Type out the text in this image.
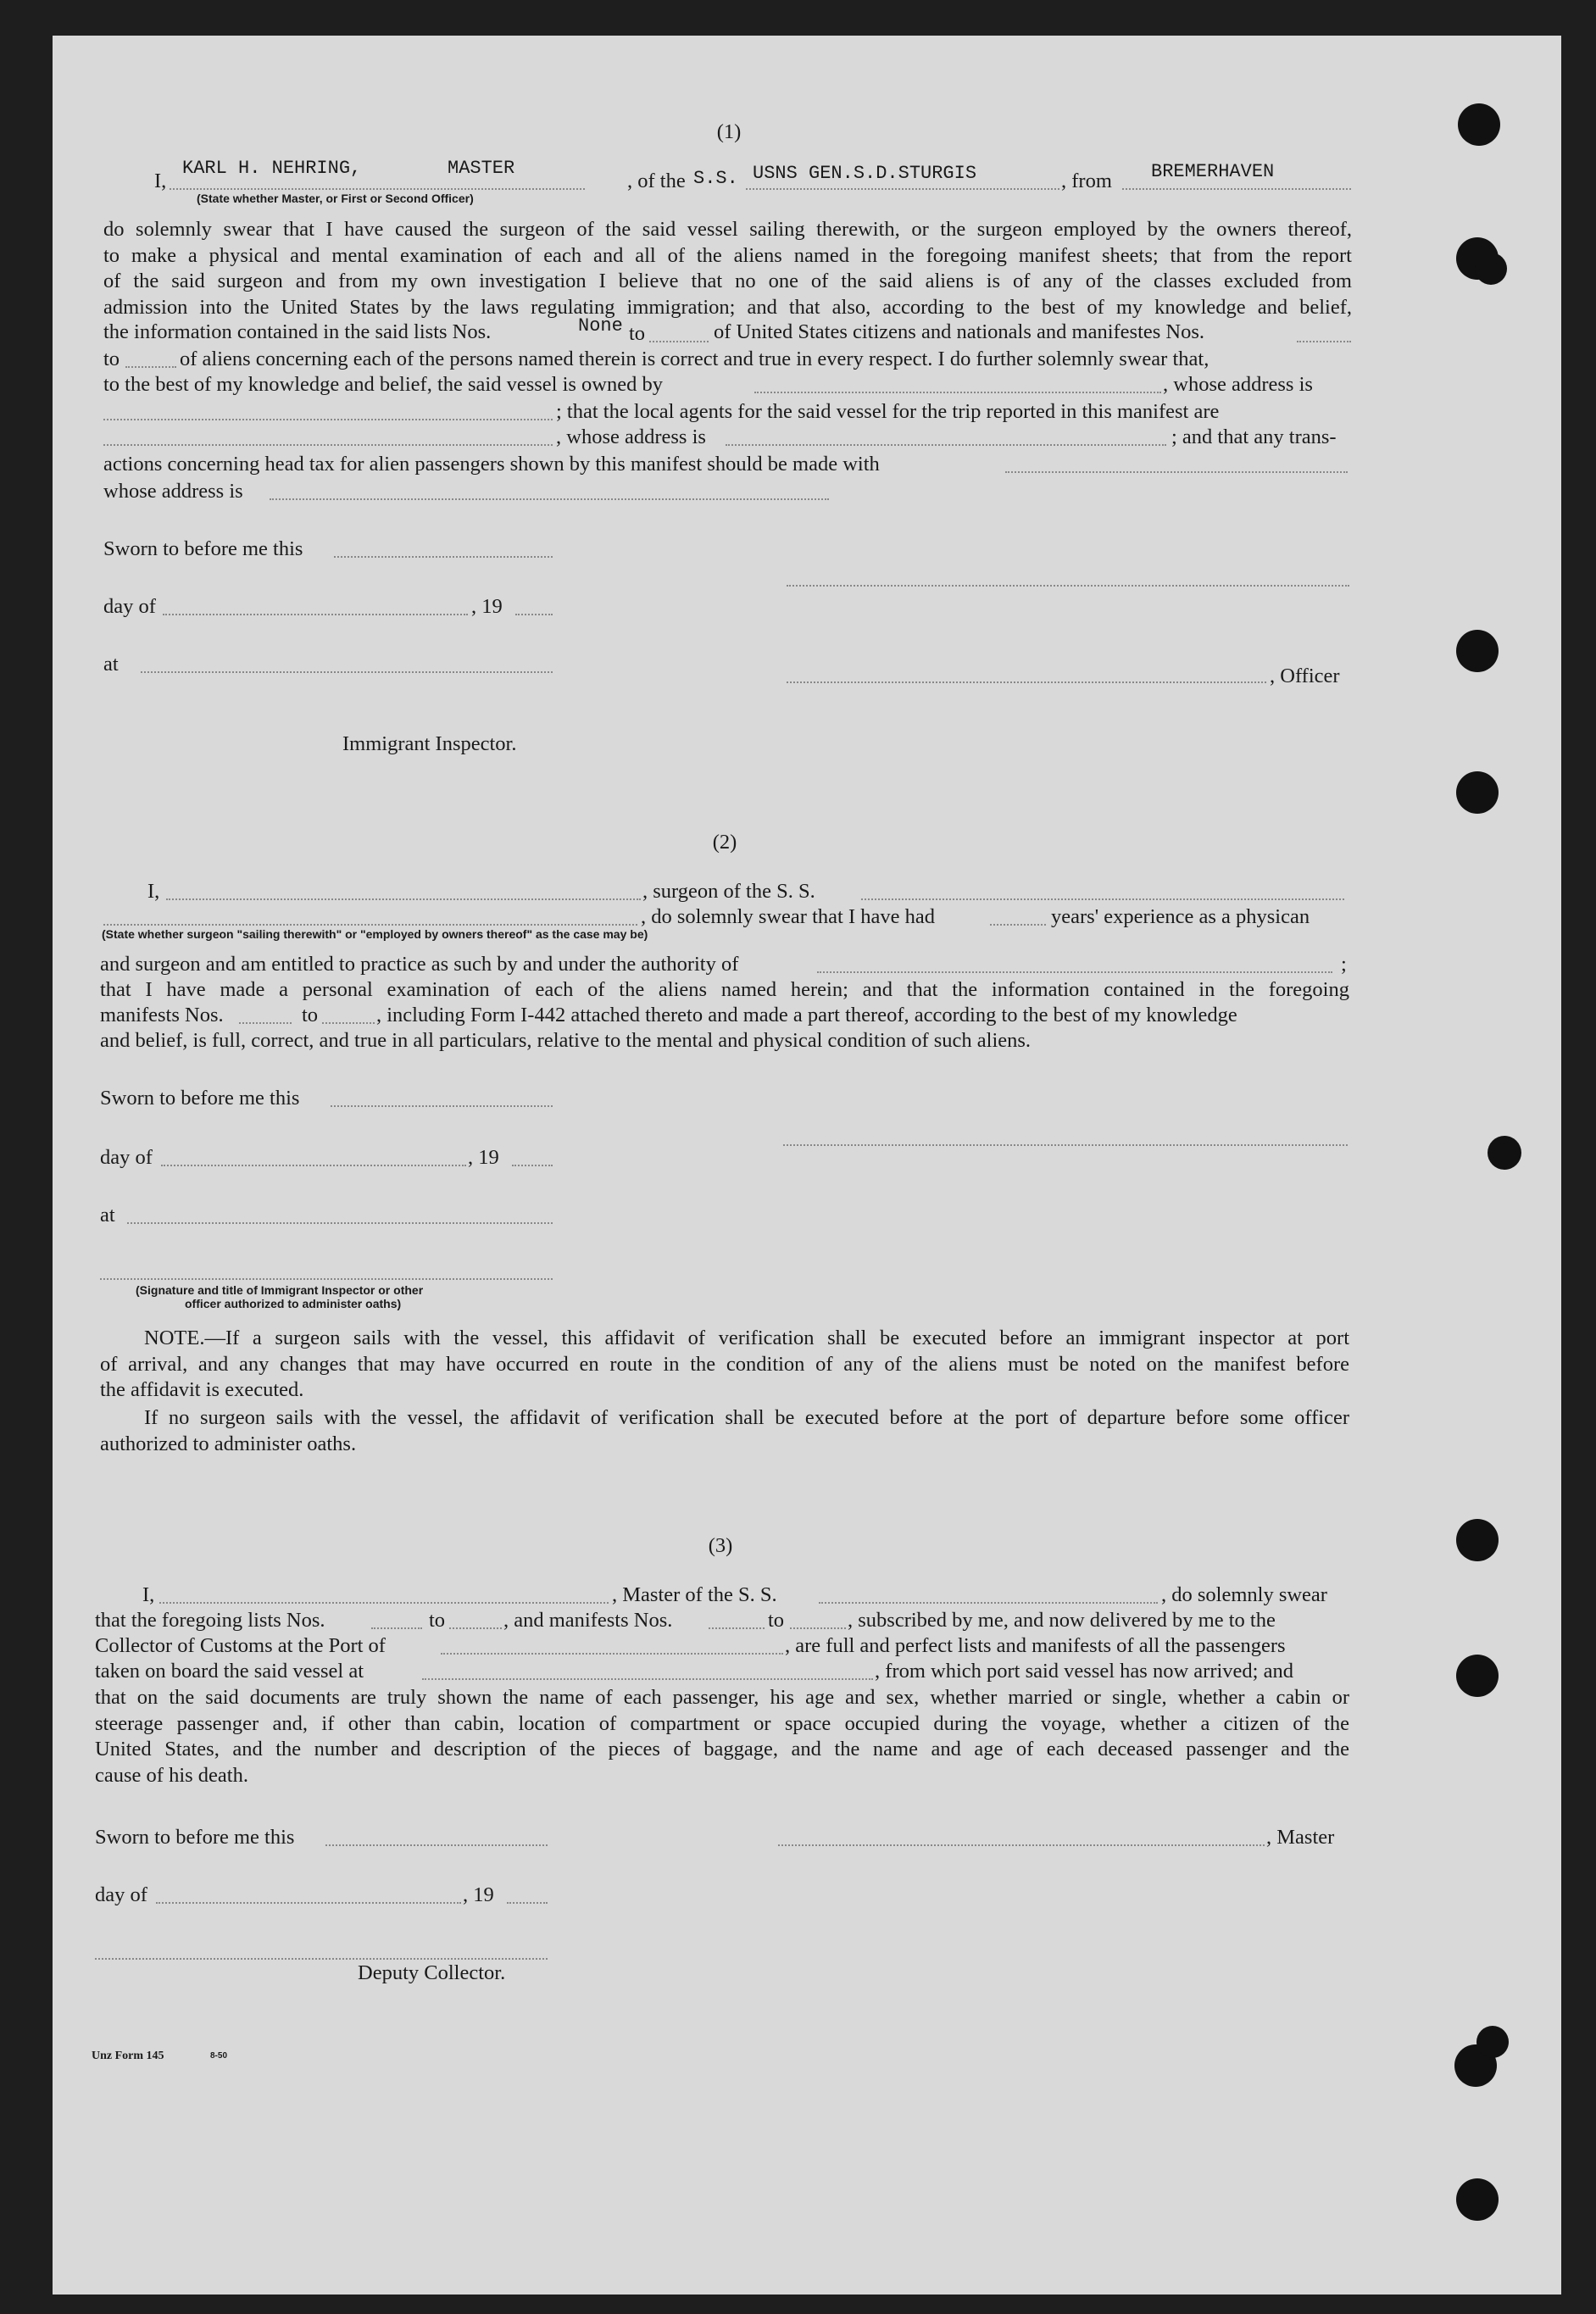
(1)
I,
KARL H. NEHRING,	MASTER
(State whether Master, or First or Second Officer)
, of the S.S. USNS GEN.S.D.STURGIS	, from BREMERHAVEN
do solemnly swear that I have caused the surgeon of the said vessel sailing therewith, or the surgeon employed by the owners thereof,
to make a physical and mental examination of each and all of the aliens named in the foregoing manifest sheets; that from the report
of the said surgeon and from my own investigation I believe that no one of the said aliens is of any of the classes excluded from
admission into the United States by the laws regulating immigration; and that also, according to the best of my knowledge and belief,
the information contained in the said lists Nos.	None to	of United States citizens and nationals and manifestes Nos.
to	of aliens concerning each of the persons named therein is correct and true in every respect. I do further solemnly swear that,
to the best of my knowledge and belief, the said vessel is owned by	, whose address is
; that the local agents for the said vessel for the trip reported in this manifest are
, whose address is	; and that any trans-
actions concerning head tax for alien passengers shown by this manifest should be made with
whose address is
Sworn to before me this
day of	, 19
at
, Officer
Immigrant Inspector.
(2)
I,	, surgeon of the S. S.
, do solemnly swear that I have had	years' experience as a physican
(State whether surgeon "sailing therewith" or "employed by owners thereof" as the case may be)
and surgeon and am entitled to practice as such by and under the authority of	;
that I have made a personal examination of each of the aliens named herein; and that the information contained in the foregoing
manifests Nos.	to	, including Form I-442 attached thereto and made a part thereof, according to the best of my knowledge
and belief, is full, correct, and true in all particulars, relative to the mental and physical condition of such aliens.
Sworn to before me this
day of	, 19
at
(Signature and title of Immigrant Inspector or other
officer authorized to administer oaths)
NOTE.—If a surgeon sails with the vessel, this affidavit of verification shall be executed before an immigrant inspector at port
of arrival, and any changes that may have occurred en route in the condition of any of the aliens must be noted on the manifest before
the affidavit is executed.
If no surgeon sails with the vessel, the affidavit of verification shall be executed before at the port of departure before some officer
authorized to administer oaths.
(3)
I,	, Master of the S. S.	, do solemnly swear
that the foregoing lists Nos.	to	, and manifests Nos.	to	, subscribed by me, and now delivered by me to the
Collector of Customs at the Port of	, are full and perfect lists and manifests of all the passengers
taken on board the said vessel at	, from which port said vessel has now arrived; and
that on the said documents are truly shown the name of each passenger, his age and sex, whether married or single, whether a cabin or
steerage passenger and, if other than cabin, location of compartment or space occupied during the voyage, whether a citizen of the
United States, and the number and description of the pieces of baggage, and the name and age of each deceased passenger and the
cause of his death.
Sworn to before me this	, Master
day of	, 19
Deputy Collector.
Unz Form 145	8-50
